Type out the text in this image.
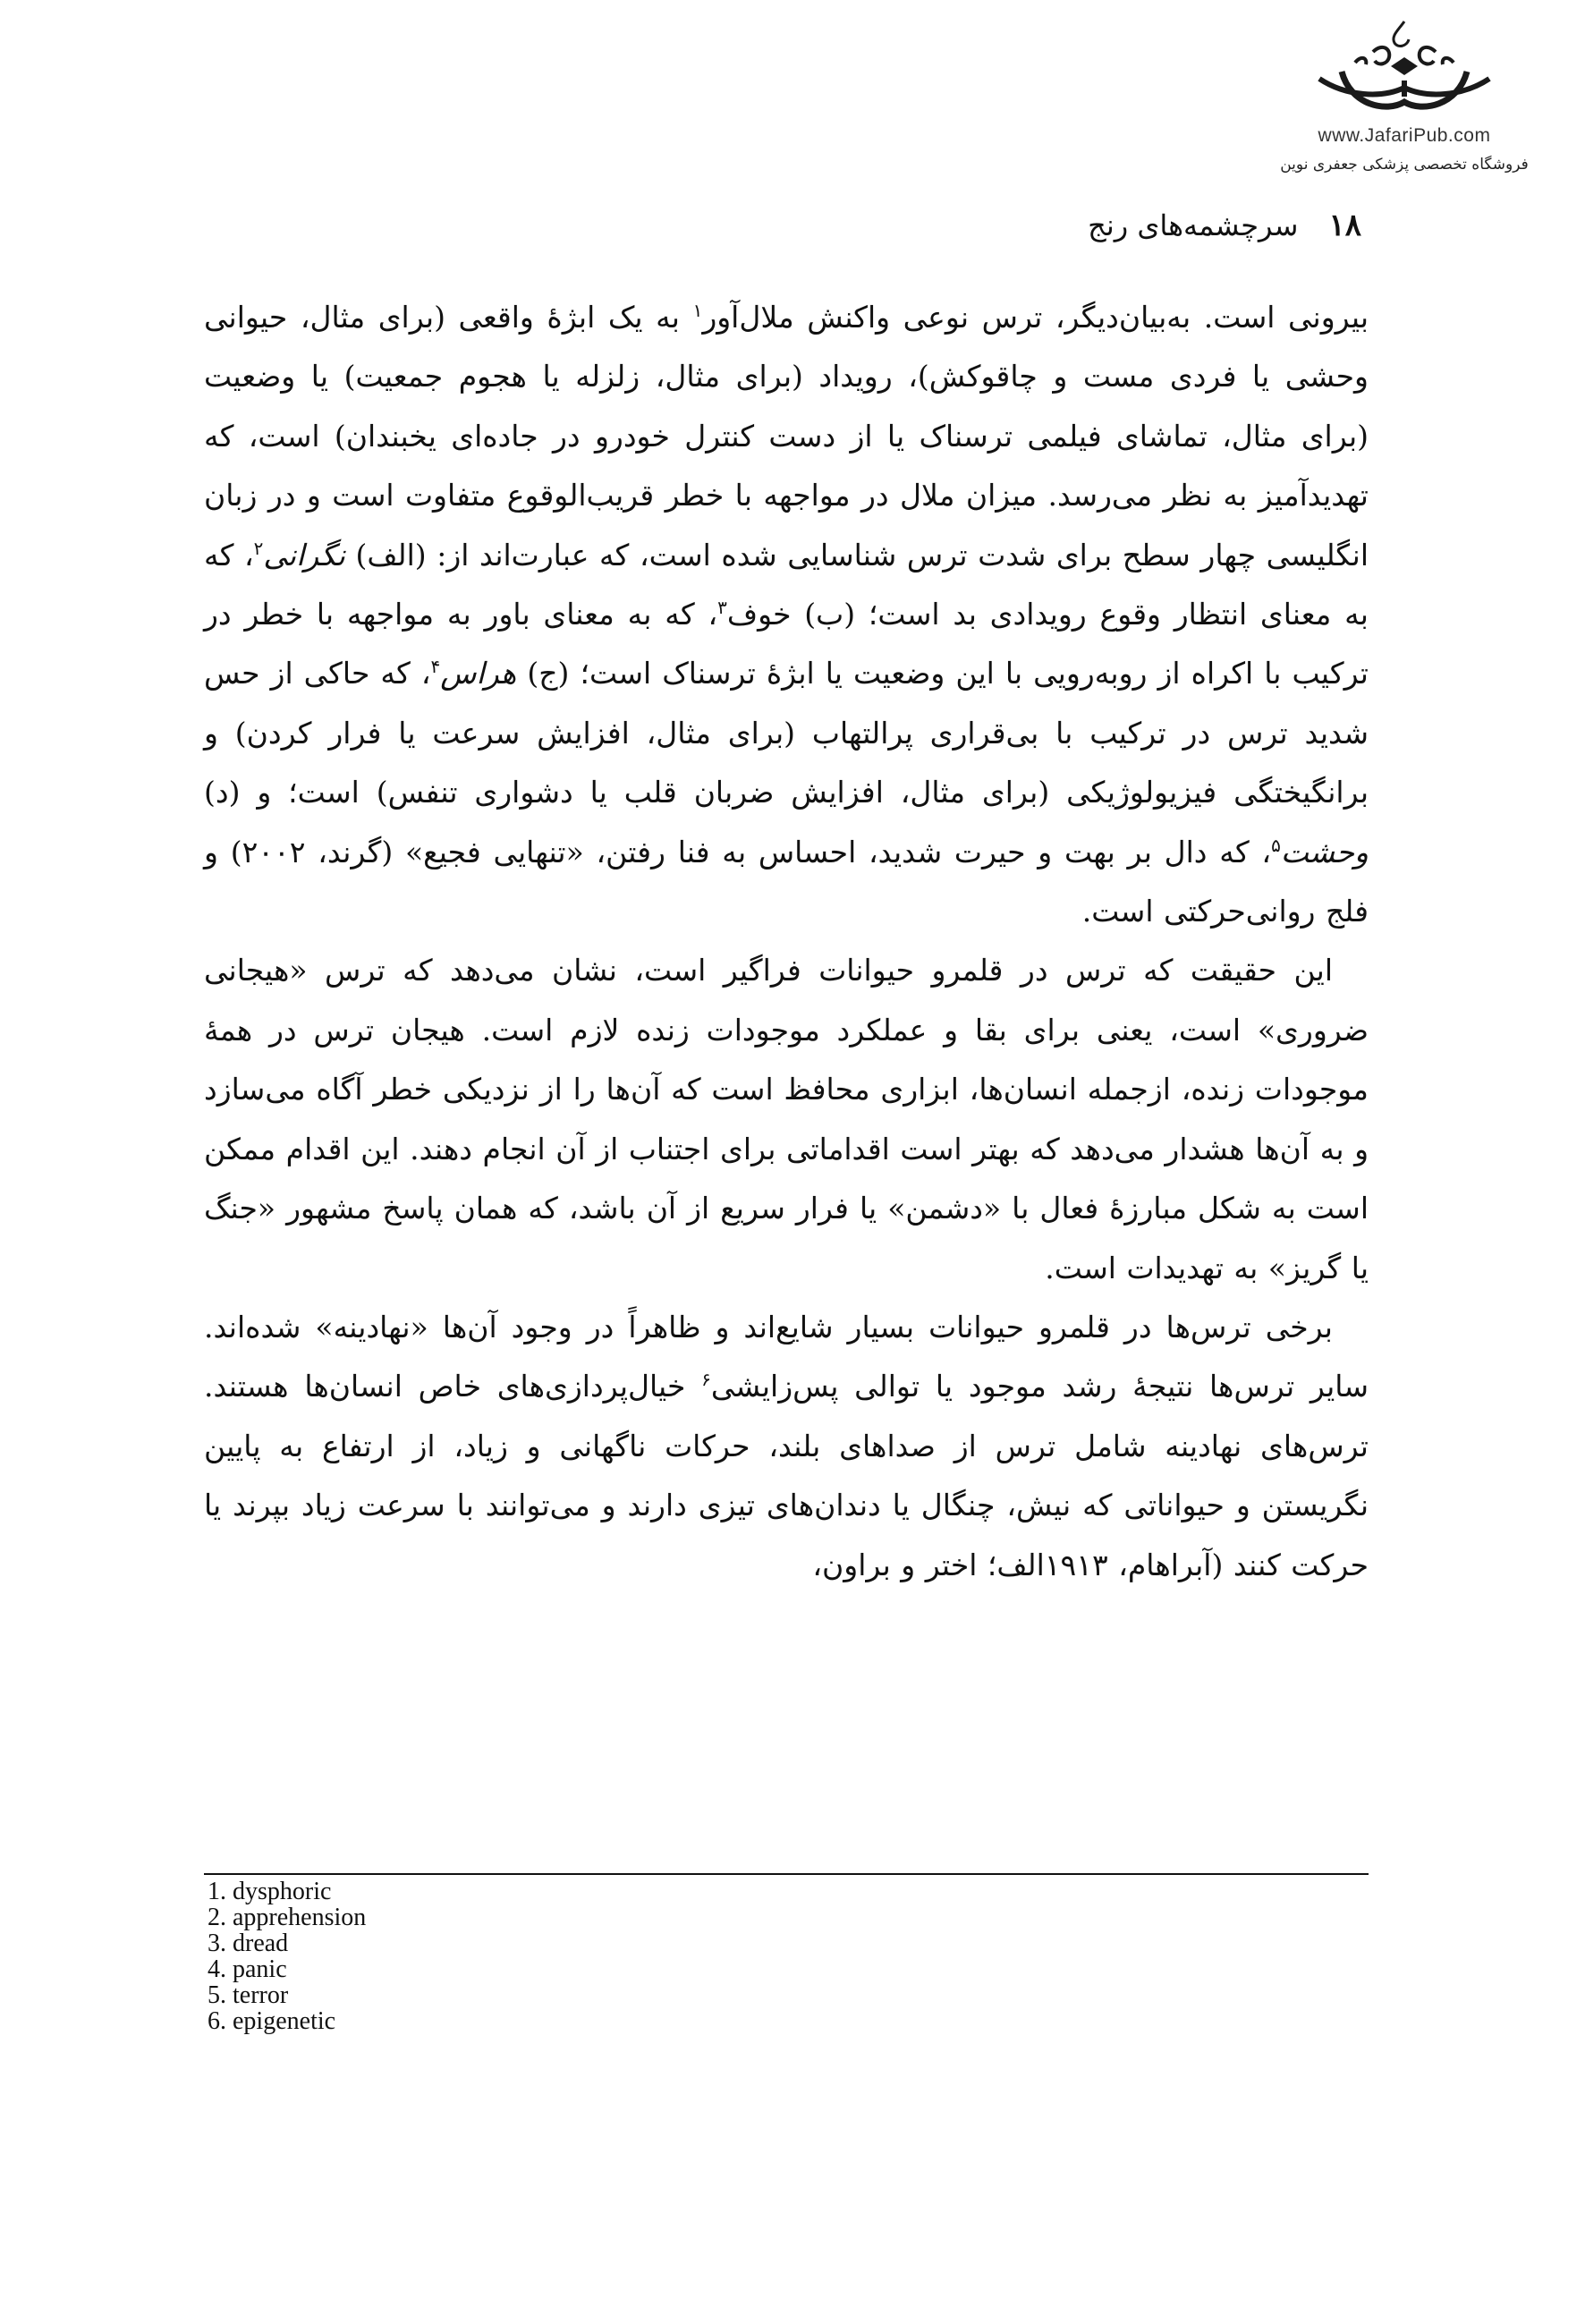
www.JafariPub.com
فروشگاه تخصصی پزشکی جعفری نوین
۱۸
سرچشمه‌های رنج

بیرونی است. به‌بیان‌دیگر، ترس نوعی واکنش ملال‌آور$^۱$ به یک ابژهٔ واقعی (برای مثال، حیوانی وحشی یا فردی مست و چاقوکش)، رویداد (برای مثال، زلزله یا هجوم جمعیت) یا وضعیت (برای مثال، تماشای فیلمی ترسناک یا از دست کنترل خودرو در جاده‌ای یخبندان) است، که تهدیدآمیز به نظر می‌رسد. میزان ملال در مواجهه با خطر قریب‌الوقوع متفاوت است و در زبان انگلیسی چهار سطح برای شدت ترس شناسایی شده است، که عبارت‌اند از: (الف) نگرانی$^۲$، که به معنای انتظار وقوع رویدادی بد است؛ (ب) خوف$^۳$، که به معنای باور به مواجهه با خطر در ترکیب با اکراه از روبه‌رویی با این وضعیت یا ابژهٔ ترسناک است؛ (ج) هراس$^۴$، که حاکی از حس شدید ترس در ترکیب با بی‌قراری پرالتهاب (برای مثال، افزایش سرعت یا فرار کردن) و برانگیختگی فیزیولوژیکی (برای مثال، افزایش ضربان قلب یا دشواری تنفس) است؛ و (د) وحشت$^۵$، که دال بر بهت و حیرت شدید، احساس به فنا رفتن، «تنهایی فجیع» (گرند، ۲۰۰۲) و فلج روانی‌حرکتی است.

این حقیقت که ترس در قلمرو حیوانات فراگیر است، نشان می‌دهد که ترس «هیجانی ضروری» است، یعنی برای بقا و عملکرد موجودات زنده لازم است. هیجان ترس در همهٔ موجودات زنده، ازجمله انسان‌ها، ابزاری محافظ است که آن‌ها را از نزدیکی خطر آگاه می‌سازد و به آن‌ها هشدار می‌دهد که بهتر است اقداماتی برای اجتناب از آن انجام دهند. این اقدام ممکن است به شکل مبارزهٔ فعال با «دشمن» یا فرار سریع از آن باشد، که همان پاسخ مشهور «جنگ یا گریز» به تهدیدات است.

برخی ترس‌ها در قلمرو حیوانات بسیار شایع‌اند و ظاهراً در وجود آن‌ها «نهادینه» شده‌اند. سایر ترس‌ها نتیجهٔ رشد موجود یا توالی پس‌زایشی$^۶$ خیال‌پردازی‌های خاص انسان‌ها هستند. ترس‌های نهادینه شامل ترس از صداهای بلند، حرکات ناگهانی و زیاد، از ارتفاع به پایین نگریستن و حیواناتی که نیش، چنگال یا دندان‌های تیزی دارند و می‌توانند با سرعت زیاد بپرند یا حرکت کنند (آبراهام، ۱۹۱۳الف؛ اختر و براون،

1. dysphoric
2. apprehension
3. dread
4. panic
5. terror
6. epigenetic
